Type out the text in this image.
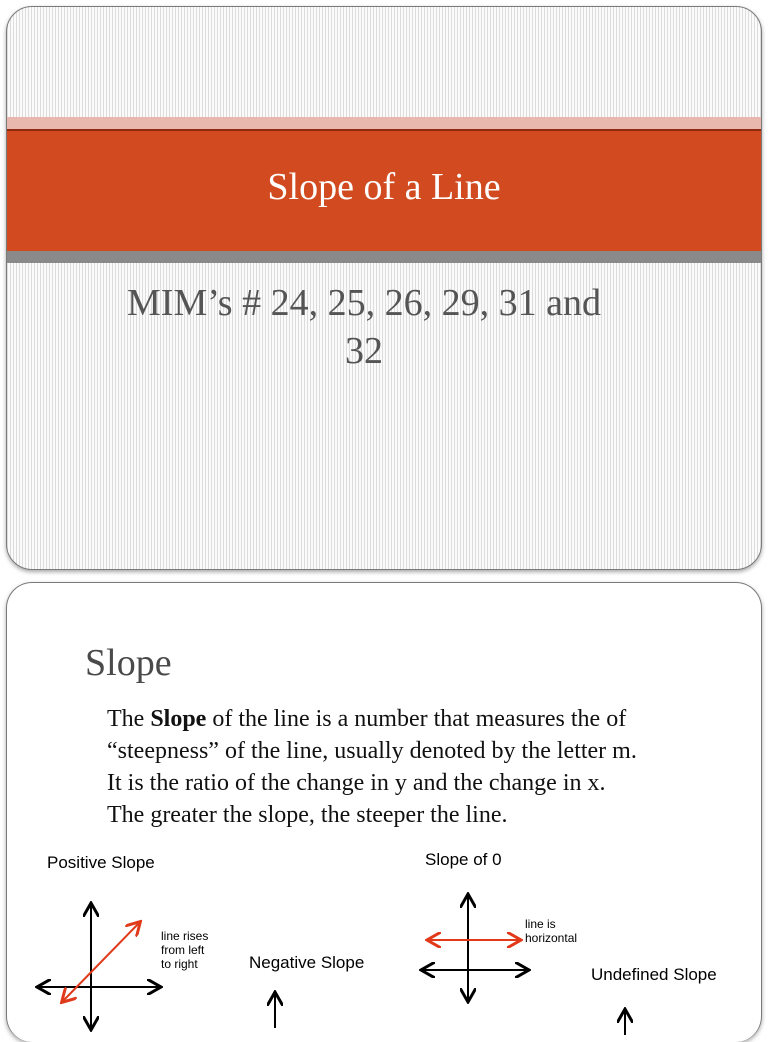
Slope of a Line
MIM’s # 24, 25, 26, 29, 31 and
32
Slope
The Slope of the line is a number that measures the of
“steepness” of the line, usually denoted by the letter m.
It is the ratio of the change in y and the change in x.
The greater the slope, the steeper the line.
Positive Slope
line rises
from left
to right	Negative Slope
Slope of 0
line is
horizontal
Undefined Slope
